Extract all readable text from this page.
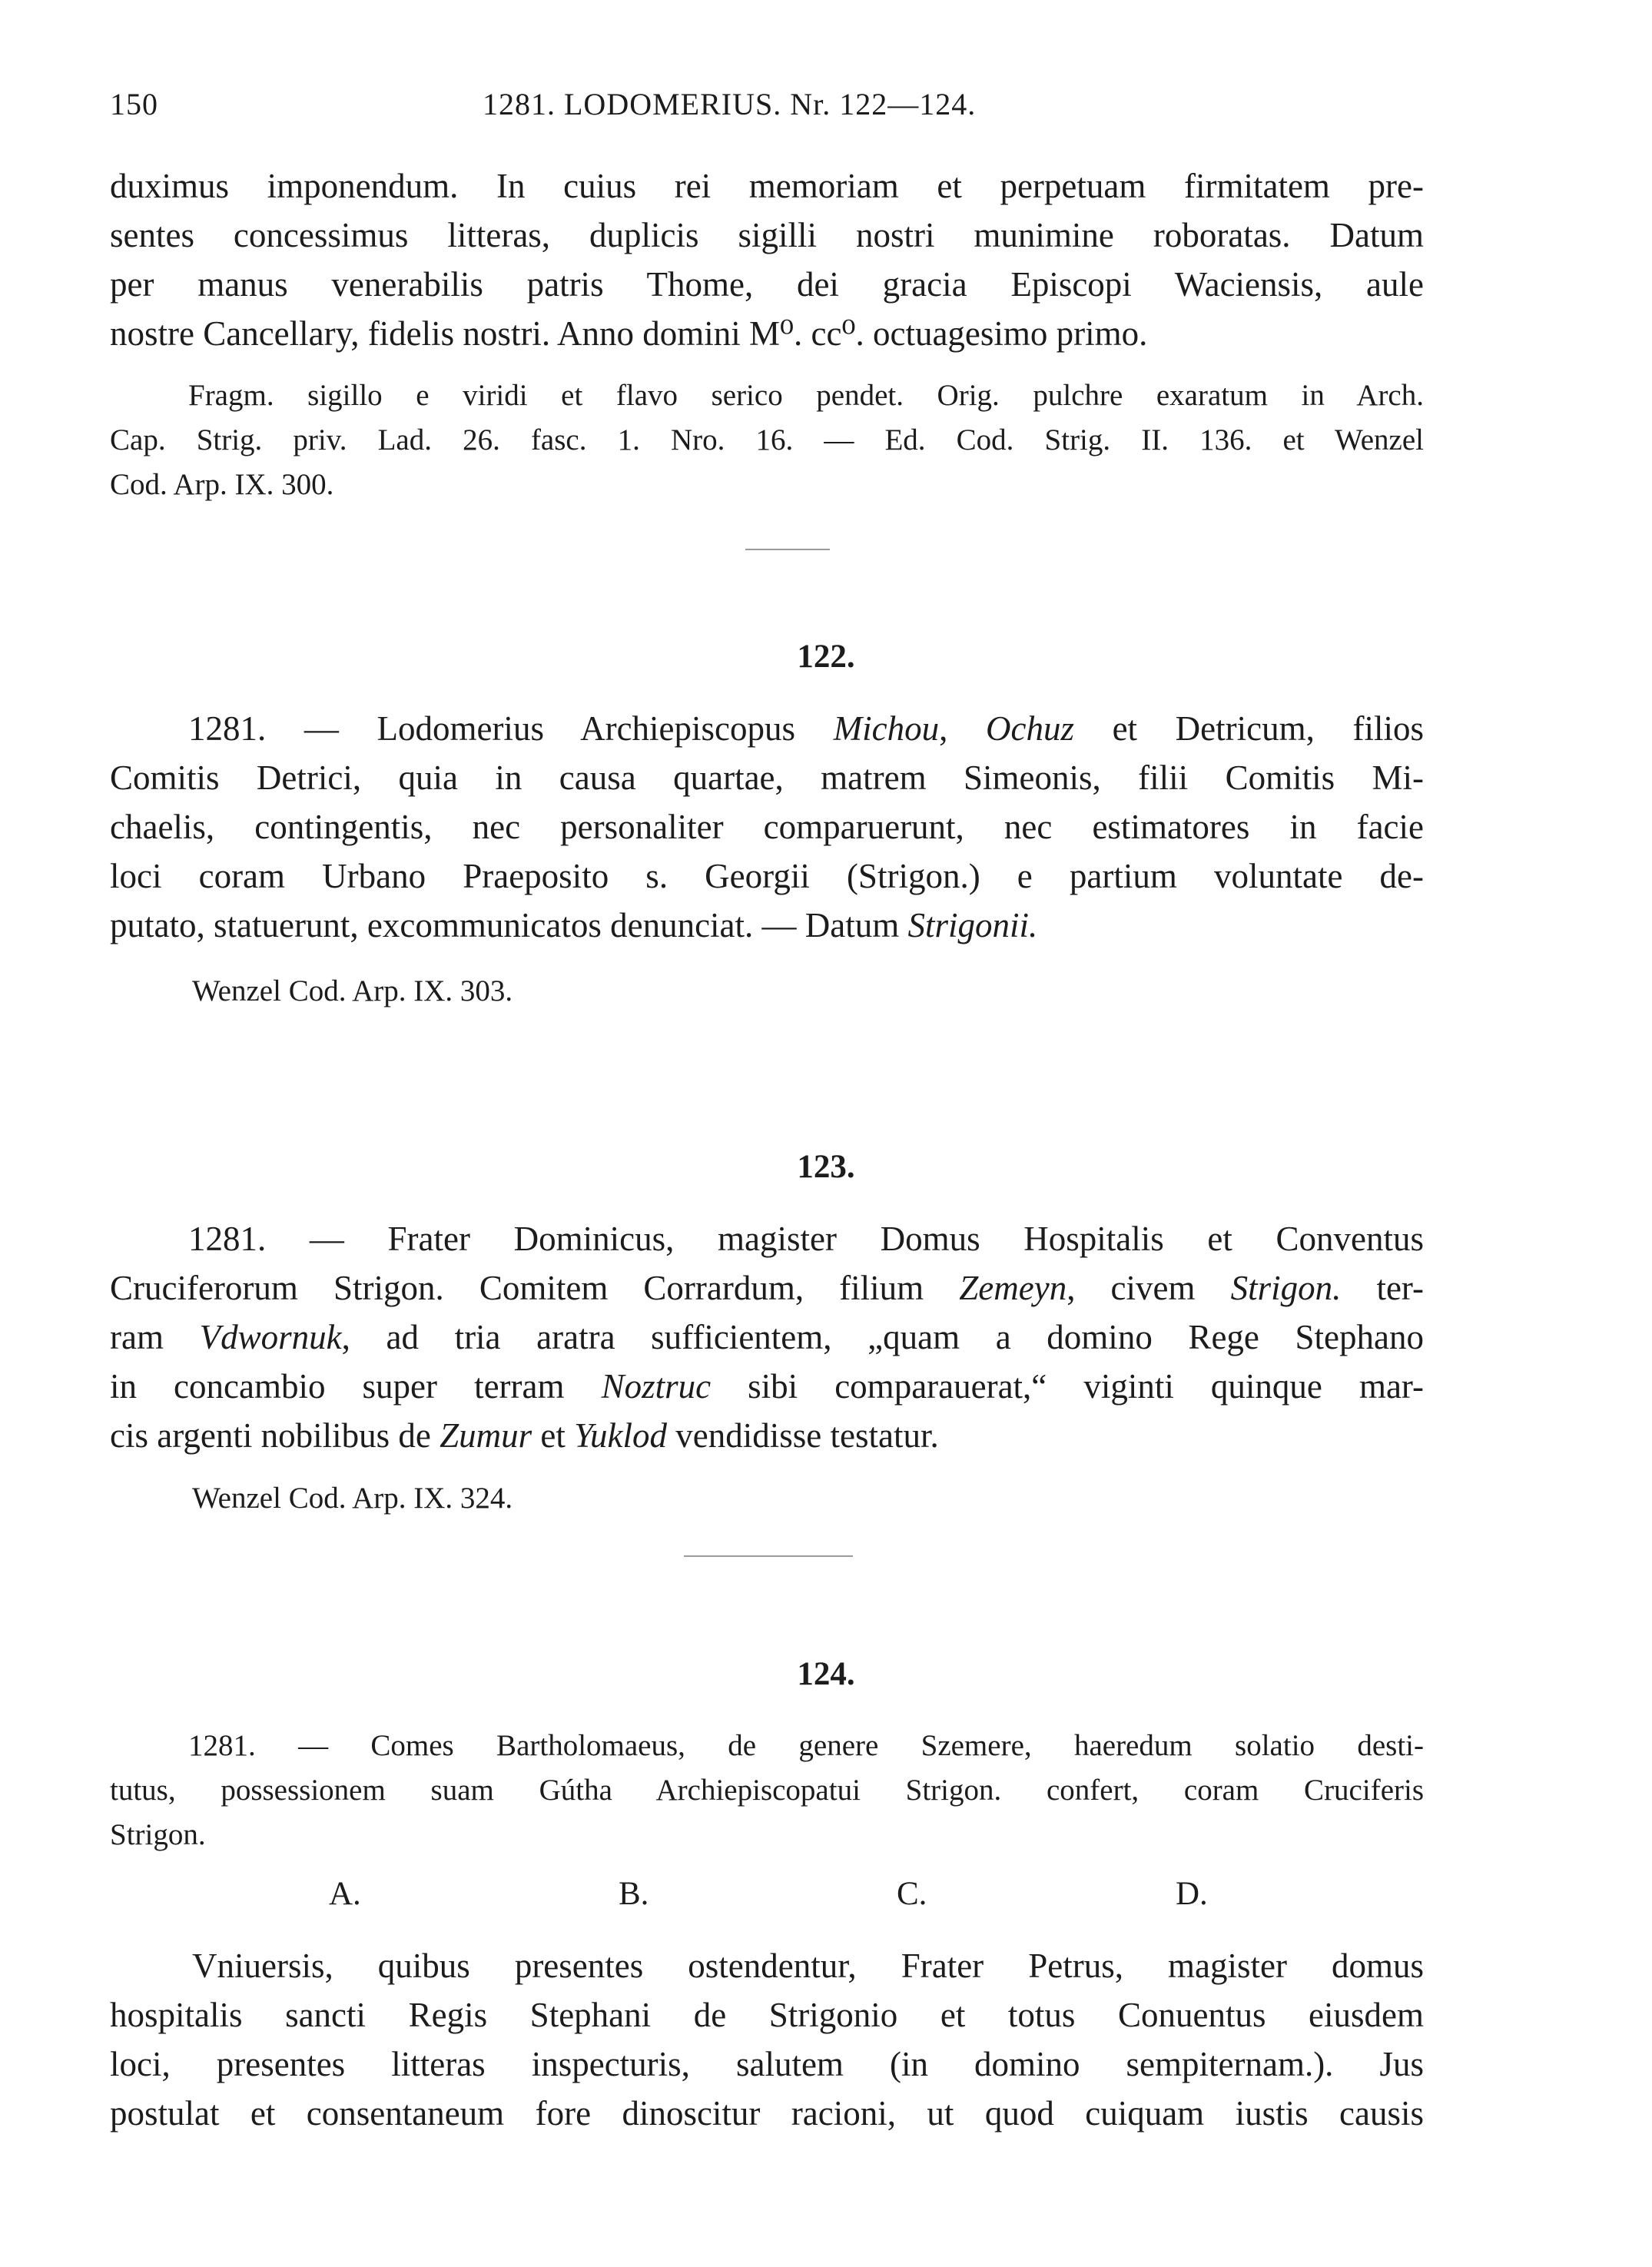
150	1281. LODOMERIUS. Nr. 122—124.
duximus imponendum. In cuius rei memoriam et perpetuam firmitatem pre-
sentes concessimus litteras, duplicis sigilli nostri munimine roboratas. Datum
per manus venerabilis patris Thome, dei gracia Episcopi Waciensis, aule
nostre Cancellary, fidelis nostri. Anno domini M⁰. cc⁰. octuagesimo primo.
Fragm. sigillo e viridi et flavo serico pendet. Orig. pulchre exaratum in Arch.
Cap. Strig. priv. Lad. 26. fasc. 1. Nro. 16. — Ed. Cod. Strig. II. 136. et Wenzel
Cod. Arp. IX. 300.
122.
1281. — Lodomerius Archiepiscopus Michou, Ochuz et Detricum, filios
Comitis Detrici, quia in causa quartae, matrem Simeonis, filii Comitis Mi-
chaelis, contingentis, nec personaliter comparuerunt, nec estimatores in facie
loci coram Urbano Praeposito s. Georgii (Strigon.) e partium voluntate de-
putato, statuerunt, excommunicatos denunciat. — Datum Strigonii.
Wenzel Cod. Arp. IX. 303.
123.
1281. — Frater Dominicus, magister Domus Hospitalis et Conventus
Cruciferorum Strigon. Comitem Corrardum, filium Zemeyn, civem Strigon. ter-
ram Vdwornuk, ad tria aratra sufficientem, „quam a domino Rege Stephano
in concambio super terram Noztruc sibi comparauerat,“ viginti quinque mar-
cis argenti nobilibus de Zumur et Yuklod vendidisse testatur.
Wenzel Cod. Arp. IX. 324.
124.
1281. — Comes Bartholomaeus, de genere Szemere, haeredum solatio desti-
tutus, possessionem suam Gútha Archiepiscopatui Strigon. confert, coram Cruciferis
Strigon.
A.	B.	C.	D.
Vniuersis, quibus presentes ostendentur, Frater Petrus, magister domus
hospitalis sancti Regis Stephani de Strigonio et totus Conuentus eiusdem
loci, presentes litteras inspecturis, salutem (in domino sempiternam.). Jus
postulat et consentaneum fore dinoscitur racioni, ut quod cuiquam iustis causis
